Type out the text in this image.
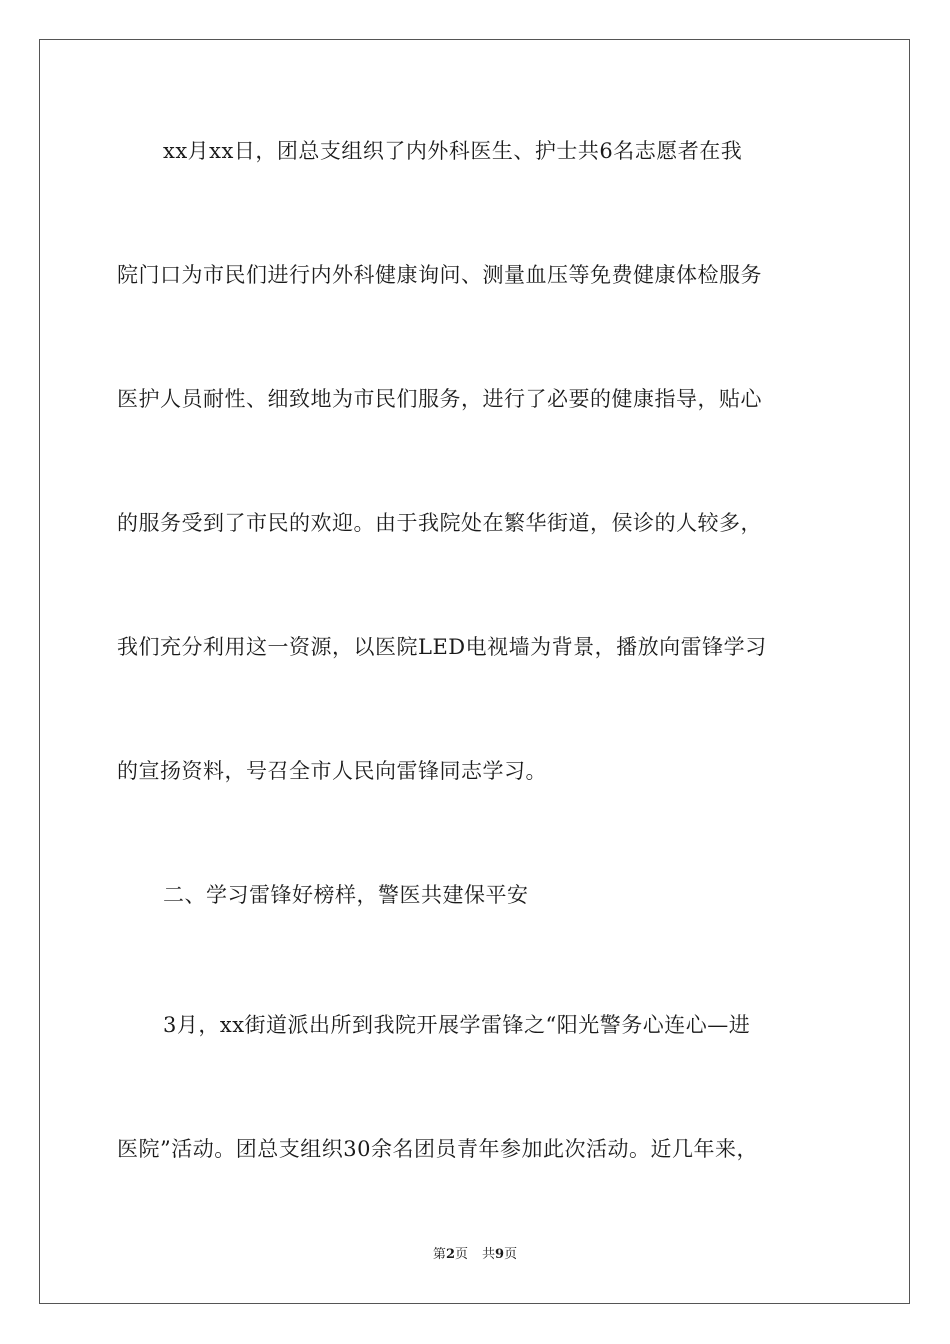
xx月xx日，团总支组织了内外科医生、护士共6名志愿者在我
院门口为市民们进行内外科健康询问、测量血压等免费健康体检服务
医护人员耐性、细致地为市民们服务，进行了必要的健康指导，贴心
的服务受到了市民的欢迎。由于我院处在繁华街道，侯诊的人较多，
我们充分利用这一资源，以医院LED电视墙为背景，播放向雷锋学习
的宣扬资料，号召全市人民向雷锋同志学习。
二、学习雷锋好榜样，警医共建保平安
3月，xx街道派出所到我院开展学雷锋之“阳光警务心连心—进
医院”活动。团总支组织30余名团员青年参加此次活动。近几年来，
第2页 共9页
